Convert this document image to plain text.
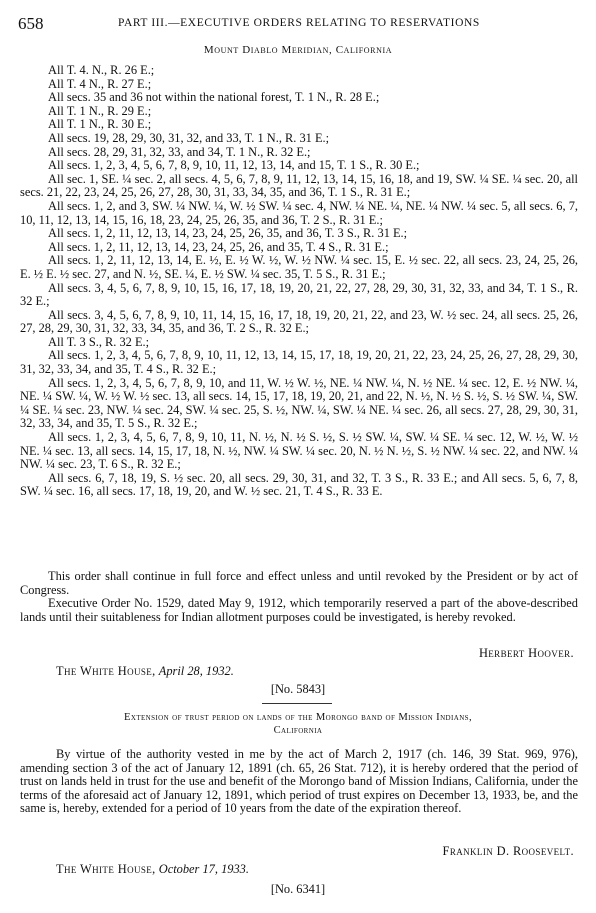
658	PART III.—EXECUTIVE ORDERS RELATING TO RESERVATIONS
Mount Diablo Meridian, California

All T. 4. N., R. 26 E.;

All T. 4 N., R. 27 E.;

All secs. 35 and 36 not within the national forest, T. 1 N., R. 28 E.;

All T. 1 N., R. 29 E.;

All T. 1 N., R. 30 E.;

All secs. 19, 28, 29, 30, 31, 32, and 33, T. 1 N., R. 31 E.;

All secs. 28, 29, 31, 32, 33, and 34, T. 1 N., R. 32 E.;

All secs. 1, 2, 3, 4, 5, 6, 7, 8, 9, 10, 11, 12, 13, 14, and 15, T. 1 S., R. 30 E.;

All sec. 1, SE. ¼ sec. 2, all secs. 4, 5, 6, 7, 8, 9, 11, 12, 13, 14, 15, 16, 18, and 19, SW. ¼ SE. ¼ sec. 20, all secs. 21, 22, 23, 24, 25, 26, 27, 28, 30, 31, 33, 34, 35, and 36, T. 1 S., R. 31 E.;

All secs. 1, 2, and 3, SW. ¼ NW. ¼, W. ½ SW. ¼ sec. 4, NW. ¼ NE. ¼, NE. ¼ NW. ¼ sec. 5, all secs. 6, 7, 10, 11, 12, 13, 14, 15, 16, 18, 23, 24, 25, 26, 35, and 36, T. 2 S., R. 31 E.;

All secs. 1, 2, 11, 12, 13, 14, 23, 24, 25, 26, 35, and 36, T. 3 S., R. 31 E.;

All secs. 1, 2, 11, 12, 13, 14, 23, 24, 25, 26, and 35, T. 4 S., R. 31 E.;

All secs. 1, 2, 11, 12, 13, 14, E. ½, E. ½ W. ½, W. ½ NW. ¼ sec. 15, E. ½ sec. 22, all secs. 23, 24, 25, 26, E. ½ E. ½ sec. 27, and N. ½, SE. ¼, E. ½ SW. ¼ sec. 35, T. 5 S., R. 31 E.;

All secs. 3, 4, 5, 6, 7, 8, 9, 10, 15, 16, 17, 18, 19, 20, 21, 22, 27, 28, 29, 30, 31, 32, 33, and 34, T. 1 S., R. 32 E.;

All secs. 3, 4, 5, 6, 7, 8, 9, 10, 11, 14, 15, 16, 17, 18, 19, 20, 21, 22, and 23, W. ½ sec. 24, all secs. 25, 26, 27, 28, 29, 30, 31, 32, 33, 34, 35, and 36, T. 2 S., R. 32 E.;

All T. 3 S., R. 32 E.;

All secs. 1, 2, 3, 4, 5, 6, 7, 8, 9, 10, 11, 12, 13, 14, 15, 17, 18, 19, 20, 21, 22, 23, 24, 25, 26, 27, 28, 29, 30, 31, 32, 33, 34, and 35, T. 4 S., R. 32 E.;

All secs. 1, 2, 3, 4, 5, 6, 7, 8, 9, 10, and 11, W. ½ W. ½, NE. ¼ NW. ¼, N. ½ NE. ¼ sec. 12, E. ½ NW. ¼, NE. ¼ SW. ¼, W. ½ W. ½ sec. 13, all secs. 14, 15, 17, 18, 19, 20, 21, and 22, N. ½, N. ½ S. ½, S. ½ SW. ¼, SW. ¼ SE. ¼ sec. 23, NW. ¼ sec. 24, SW. ¼ sec. 25, S. ½, NW. ¼, SW. ¼ NE. ¼ sec. 26, all secs. 27, 28, 29, 30, 31, 32, 33, 34, and 35, T. 5 S., R. 32 E.;

All secs. 1, 2, 3, 4, 5, 6, 7, 8, 9, 10, 11, N. ½, N. ½ S. ½, S. ½ SW. ¼, SW. ¼ SE. ¼ sec. 12, W. ½, W. ½ NE. ¼ sec. 13, all secs. 14, 15, 17, 18, N. ½, NW. ¼ SW. ¼ sec. 20, N. ½ N. ½, S. ½ NW. ¼ sec. 22, and NW. ¼ NW. ¼ sec. 23, T. 6 S., R. 32 E.;

All secs. 6, 7, 18, 19, S. ½ sec. 20, all secs. 29, 30, 31, and 32, T. 3 S., R. 33 E.; and All secs. 5, 6, 7, 8, SW. ¼ sec. 16, all secs. 17, 18, 19, 20, and W. ½ sec. 21, T. 4 S., R. 33 E.

This order shall continue in full force and effect unless and until revoked by the President or by act of Congress.

Executive Order No. 1529, dated May 9, 1912, which temporarily reserved a part of the above-described lands until their suitableness for Indian allotment purposes could be investigated, is hereby revoked.

Herbert Hoover.
The White House, April 28, 1932.
[No. 5843]
Extension of trust period on lands of the Morongo band of Mission Indians,
California

By virtue of the authority vested in me by the act of March 2, 1917 (ch. 146, 39 Stat. 969, 976), amending section 3 of the act of January 12, 1891 (ch. 65, 26 Stat. 712), it is hereby ordered that the period of trust on lands held in trust for the use and benefit of the Morongo band of Mission Indians, California, under the terms of the aforesaid act of January 12, 1891, which period of trust expires on December 13, 1933, be, and the same is, hereby, extended for a period of 10 years from the date of the expiration thereof.

Franklin D. Roosevelt.
The White House, October 17, 1933.
[No. 6341]
